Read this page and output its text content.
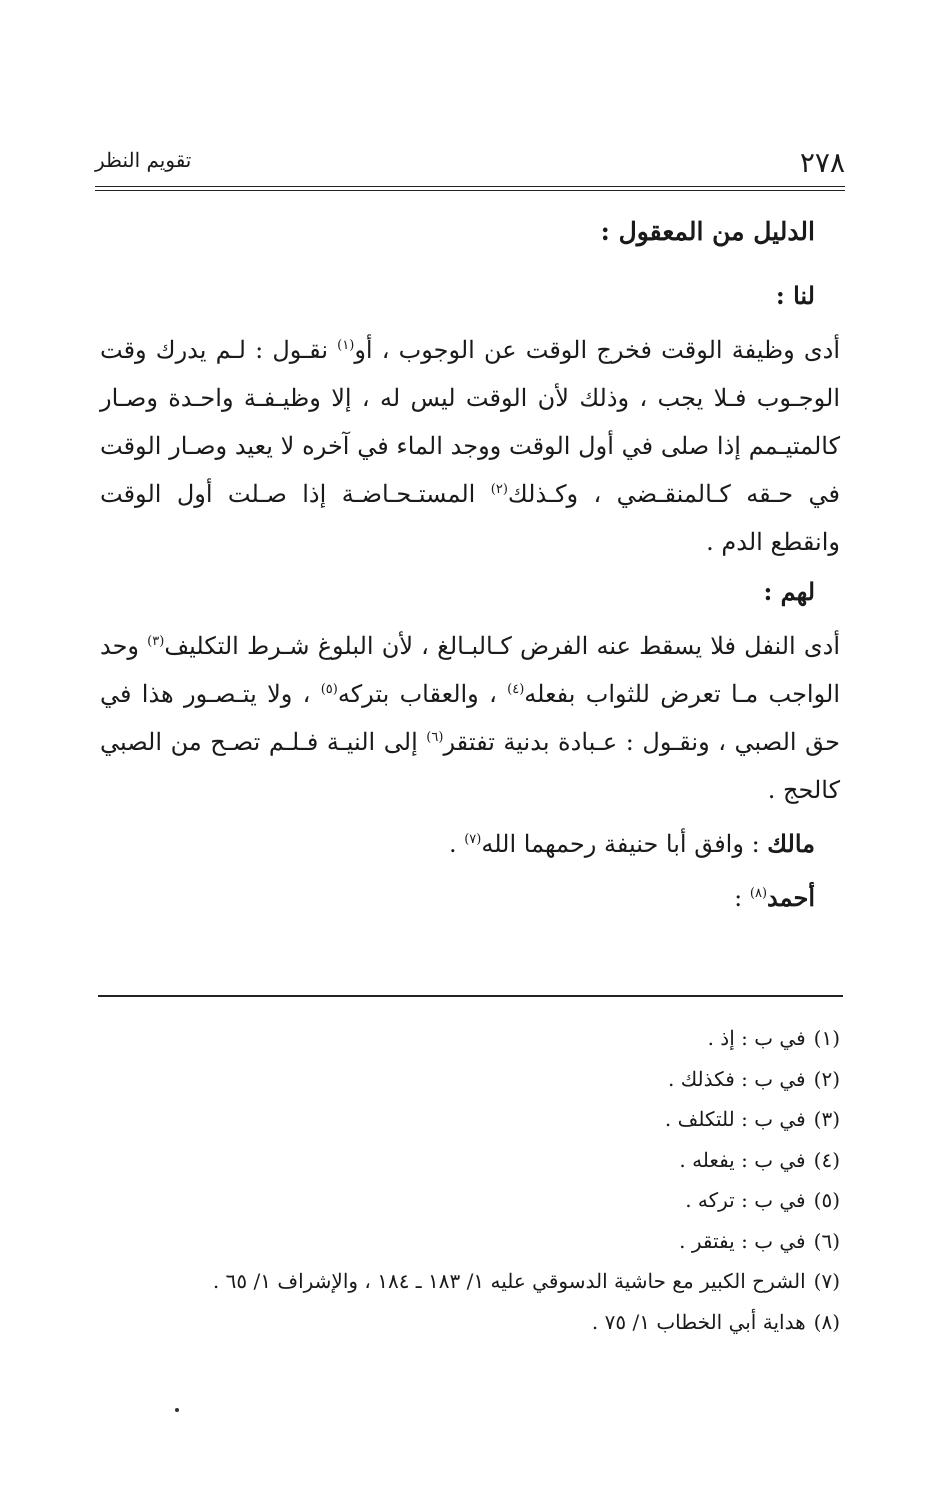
٢٧٨
تقويم النظر
الدليل من المعقول :
لنا :

أدى وظيفة الوقت فخرج الوقت عن الوجوب ، أو$^{(١)}$ نقـول : لـم يدرك وقت الوجـوب فـلا يجب ، وذلك لأن الوقت ليس له ، إلا وظيـفـة واحـدة وصـار كالمتيـمم إذا صلى في أول الوقت ووجد الماء في آخره لا يعيد وصـار الوقت في حـقه كـالمنقـضي ، وكـذلك$^{(٢)}$ المستـحـاضـة إذا صـلت أول الوقت وانقطع الدم .

لهم :

أدى النفل فلا يسقط عنه الفرض كـالبـالغ ، لأن البلوغ شـرط التكليف$^{(٣)}$ وحد الواجب مـا تعرض للثواب بفعله$^{(٤)}$ ، والعقاب بتركه$^{(٥)}$ ، ولا يتـصـور هذا في حق الصبي ، ونقـول : عـبادة بدنية تفتقر$^{(٦)}$ إلى النيـة فـلـم تصـح من الصبي كالحج .

مالك : وافق أبا حنيفة رحمهما الله$^{(٧)}$ .

أحمد$^{(٨)}$ :

(١)في ب : إذ .
(٢)في ب : فكذلك .
(٣)في ب : للتكلف .
(٤)في ب : يفعله .
(٥)في ب : تركه .
(٦)في ب : يفتقر .
(٧)الشرح الكبير مع حاشية الدسوقي عليه ١/ ١٨٣ ـ ١٨٤ ، والإشراف ١/ ٦٥ .
(٨)هداية أبي الخطاب ١/ ٧٥ .
